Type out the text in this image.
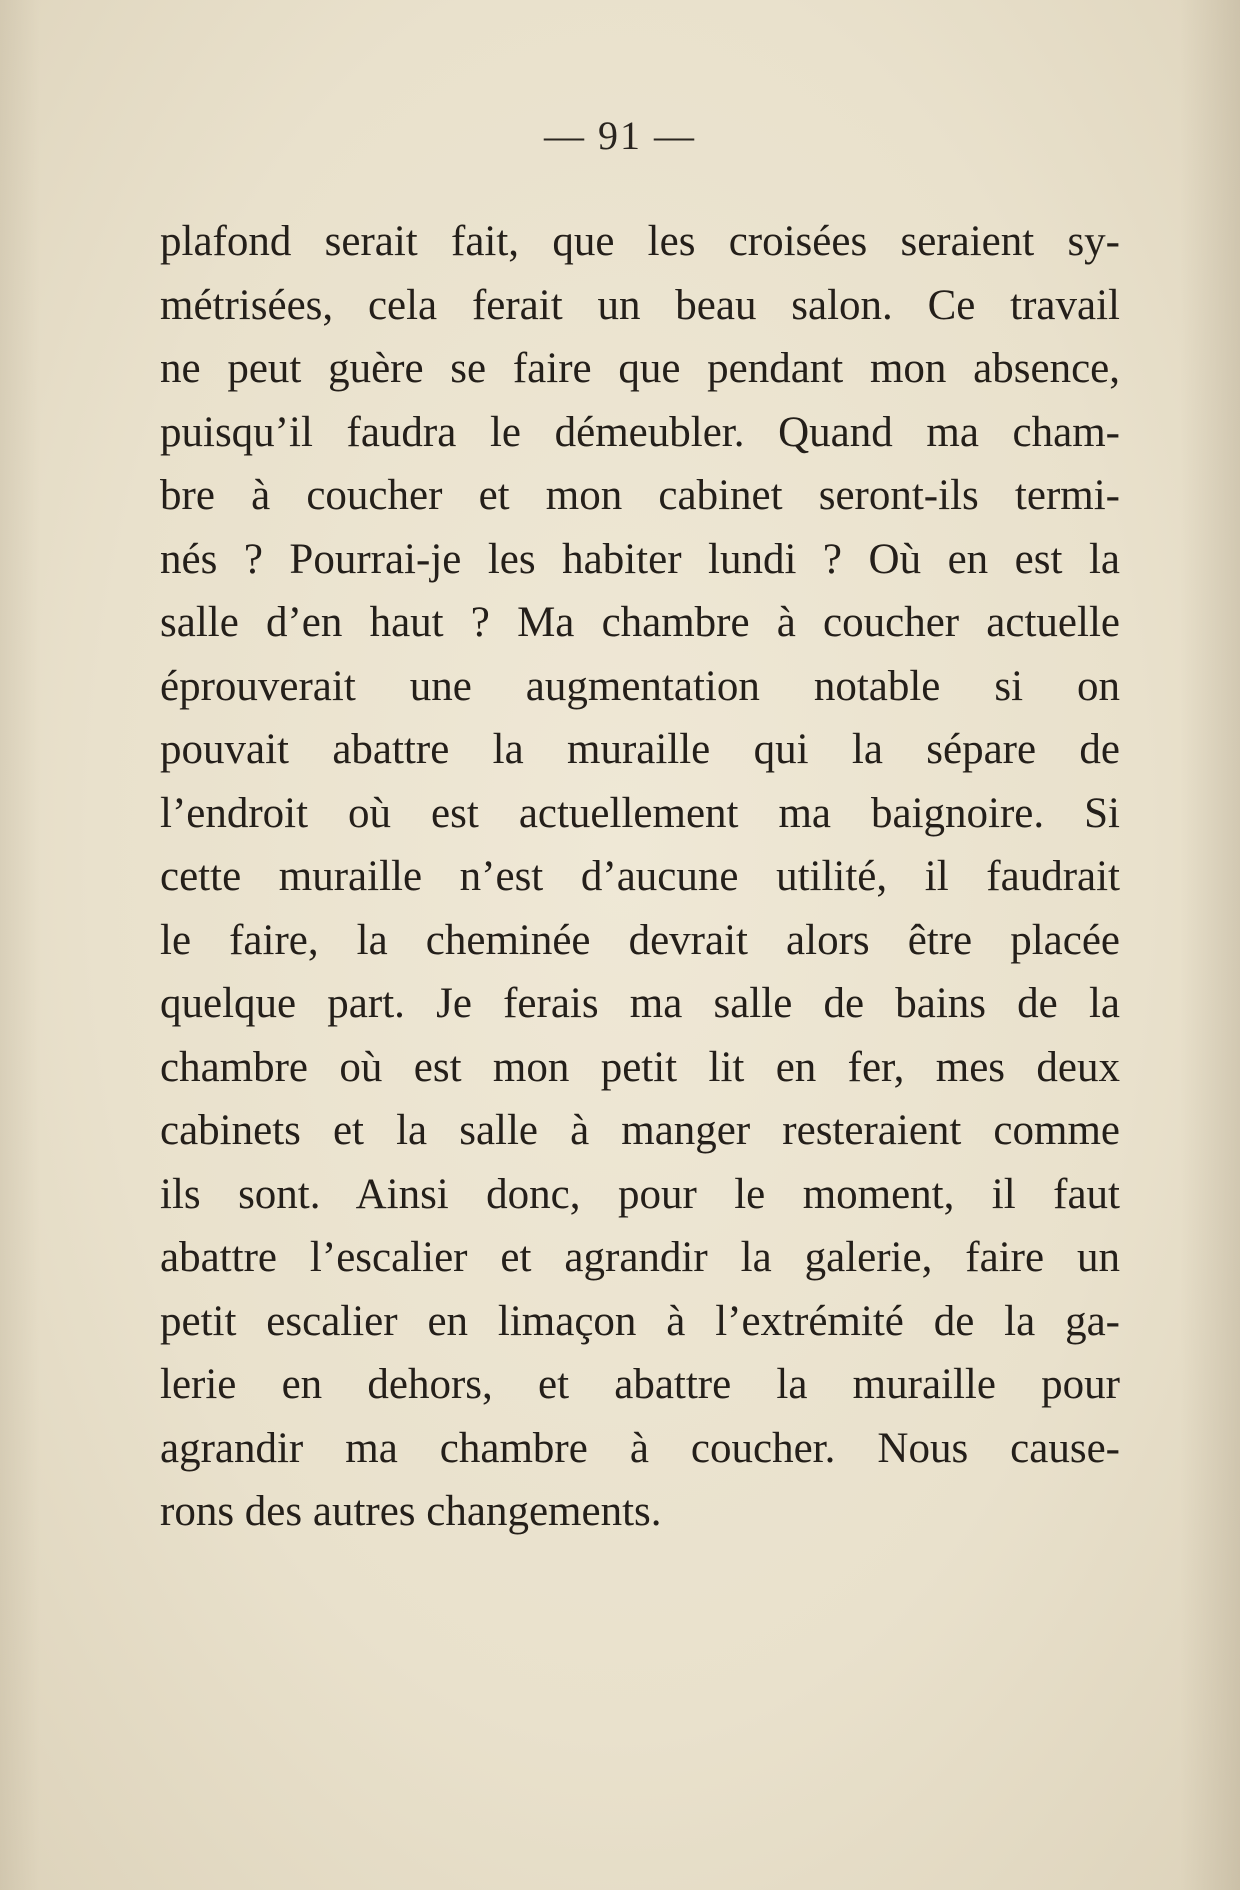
— 91 —
plafond serait fait, que les croisées seraient sy-
métrisées, cela ferait un beau salon. Ce travail
ne peut guère se faire que pendant mon absence,
puisqu’il faudra le démeubler. Quand ma cham-
bre à coucher et mon cabinet seront-ils termi-
nés ? Pourrai-je les habiter lundi ? Où en est la
salle d’en haut ? Ma chambre à coucher actuelle
éprouverait une augmentation notable si on
pouvait abattre la muraille qui la sépare de
l’endroit où est actuellement ma baignoire. Si
cette muraille n’est d’aucune utilité, il faudrait
le faire, la cheminée devrait alors être placée
quelque part. Je ferais ma salle de bains de la
chambre où est mon petit lit en fer, mes deux
cabinets et la salle à manger resteraient comme
ils sont. Ainsi donc, pour le moment, il faut
abattre l’escalier et agrandir la galerie, faire un
petit escalier en limaçon à l’extrémité de la ga-
lerie en dehors, et abattre la muraille pour
agrandir ma chambre à coucher. Nous cause-
rons des autres changements.
